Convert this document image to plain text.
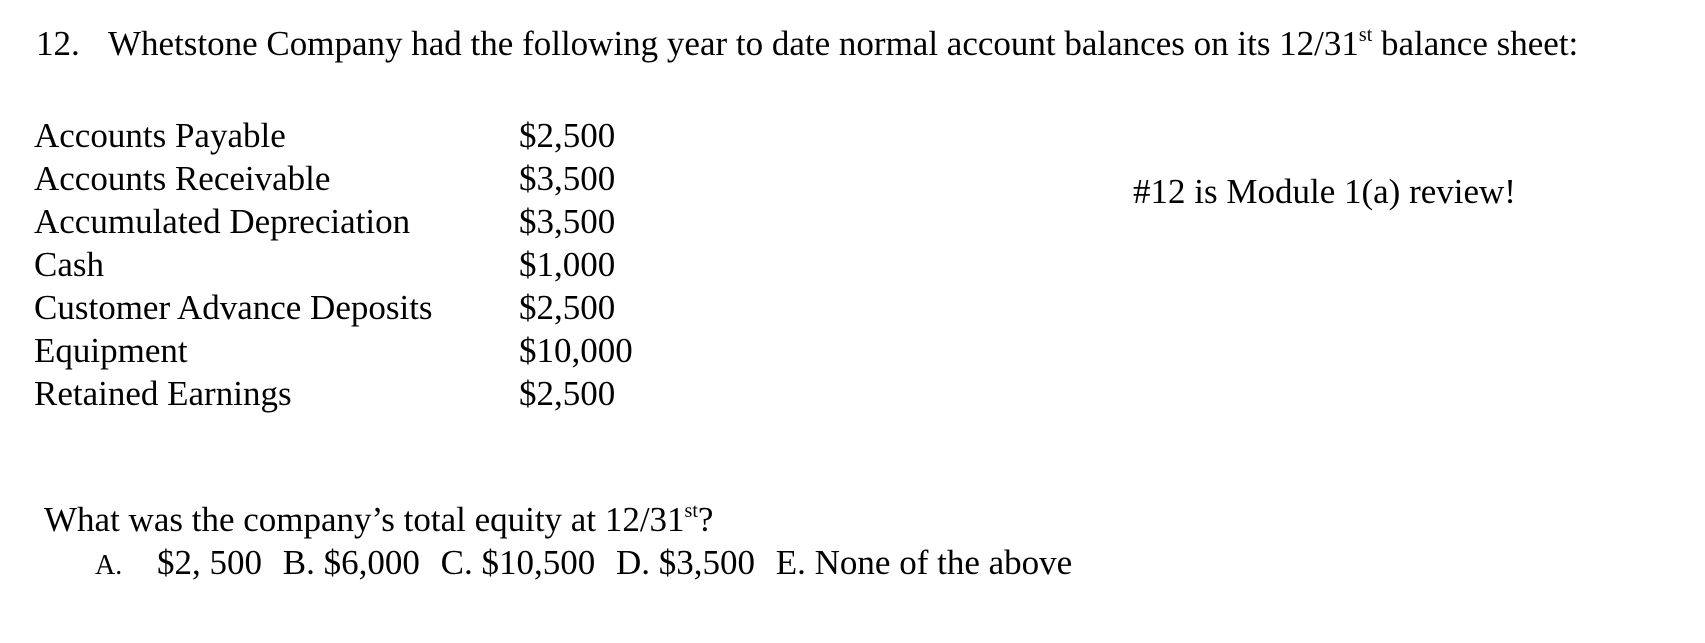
12. Whetstone Company had the following year to date normal account balances on its 12/31st balance sheet:
Accounts Payable	$2,500
Accounts Receivable	$3,500
Accumulated Depreciation	$3,500
Cash	$1,000
Customer Advance Deposits $2,500
Equipment	$10,000
Retained Earnings	$2,500
#12 is Module 1(a) review!
What was the company’s total equity at 12/31st?
A. $2, 500 B. $6,000 C. $10,500 D. $3,500 E. None of the above
